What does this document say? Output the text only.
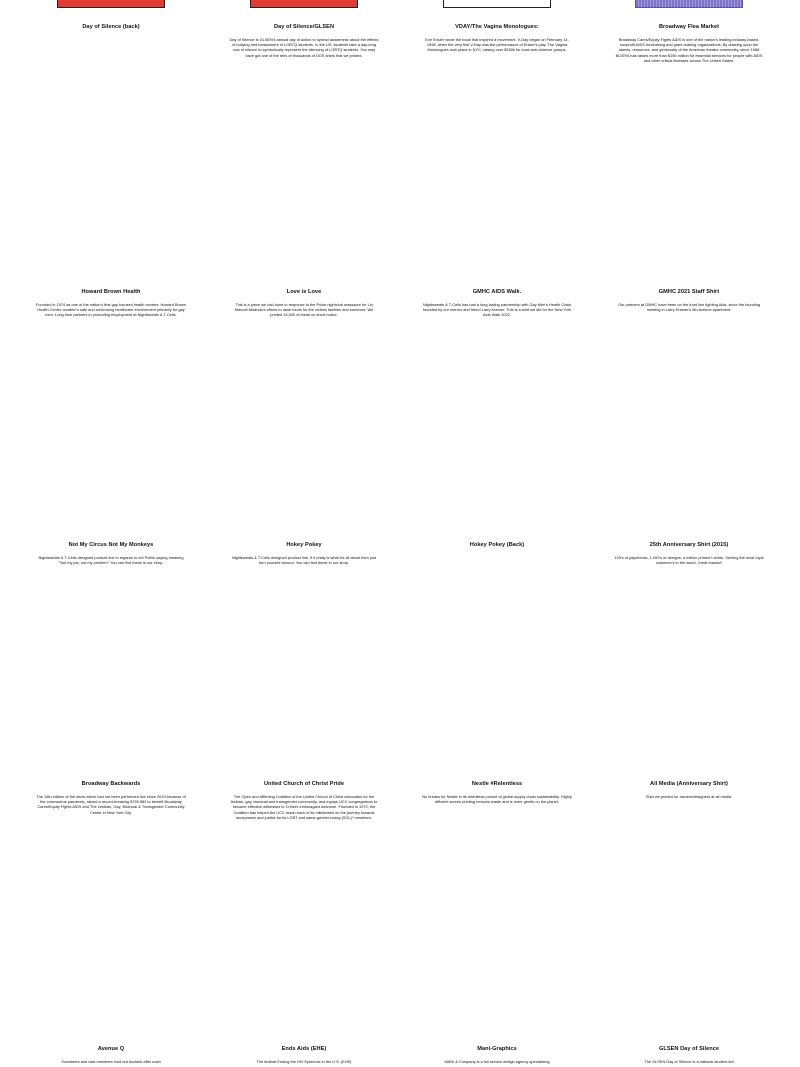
Day of Silence (back)	Day of Silence/GLSEN

Day of Silence is GLSEN's annual day of action to spread awareness about the effects of bullying and harassment of LGBTQ students. In the US, students take a day-long vow of silence to symbolically represent the silencing of LGBTQ students. You may have got one of the tees of thousands of DOS shirts that we printed.

VDAY/The Vagina Monologues:

Eve Ensler wrote the book that inspired a movement. V-Day began on February 14, 1998, when the very first V-Day was the performance of Ensler's play. The Vagina Monologues took place in NYC, raising over $250k for local anti-violence groups.

Broadway Flea Market

Broadway Cares/Equity Fights AIDS is one of the nation's leading industry-based, nonprofit AIDS fundraising and grant-making organizations. By drawing upon the talents, resources, and generosity of the American theatre community, since 1988 BC/EFA has raised more than $195 million for essential services for people with AIDS and other critical illnesses across The United States.

Howard Brown Health

Founded in 1974 as one of the nation's first gay-focused health centers. Howard Brown Health Center created a safe and welcoming healthcare environment primarily for gay men. Long time partners in promoting employment at Nightsweats & T-Cells.

Love is Love

This is a piece we had done in response to the Pulse nightclub massacre for Lin Manuel-Miranda's efforts to raise funds for the victims families and survivors. We printed 15,000 of these on short notice.

GMHC AIDS Walk.

Nightsweats & T-Cells has had a long lasting partnership with Gay Men's Health Crisis founded by our mentor and friend Larry Kramer. This is a shirt we did for the New York Aids Walk 2022.

GMHC 2021 Staff Shirt

Our partners at GMHC have been on the front line fighting Aids, since the founding meeting in Larry Kramer's 5th Avenue apartment.

Not My Circus Not My Monkeys

Nightsweats & T-Cells designed product line in regards to old Polish saying meaning "Not my job, not my problem" You can find these in our shop.

Hokey Pokey

Nightsweats & T-Cells designed product line, if it really is what it's all about then just turn yourself around. You can find these in our shop.

Hokey Pokey (Back)	25th Anniversary Shirt (2015)

100's of paychecks, 1,000's of designs, a million printed t-shirts. Serving the most loyal customer's in the world, Great thanks!!

Broadway Backwards

The 15th edition of the show which had not been performed live since 2019 because of the coronavirus pandemic, raised a record-breaking $759,582 to benefit Broadway Cares/Equity Fights AIDS and The Lesbian, Gay, Bisexual & Transgender Community Center in New York City.

United Church of Christ Pride

The Open and Affirming Coalition of the United Church of Christ advocates for the lesbian, gay, bisexual and transgender community, and equips UCC congregations to become effective witnesses to Christ's extravagant welcome. Founded in 1972, the Coalition has helped the UCC reach each of its milestones on the journey towards acceptance and justice for its LGBT and same-gender-loving (SGL)* members.

Nestle #Relentless

No breaks for Nestle in its relentless pursuit of global supply chain sustainability. Highly efficient screen printing reduces waste and is more gentle on the planet.

All Media (Anniversary Shirt)

Shirt we printed for owners/designers at all media.

Avenue Q

Volunteers and cast members hold red buckets after each

Ends Aids (EHE)

The federal Ending the HIV Epidemic in the U.S. (EHE)

Mani-Graphics

MANI & Company is a full service design agency specializing

GLSEN Day of Silence

The GLSEN Day of Silence is a national student-led
